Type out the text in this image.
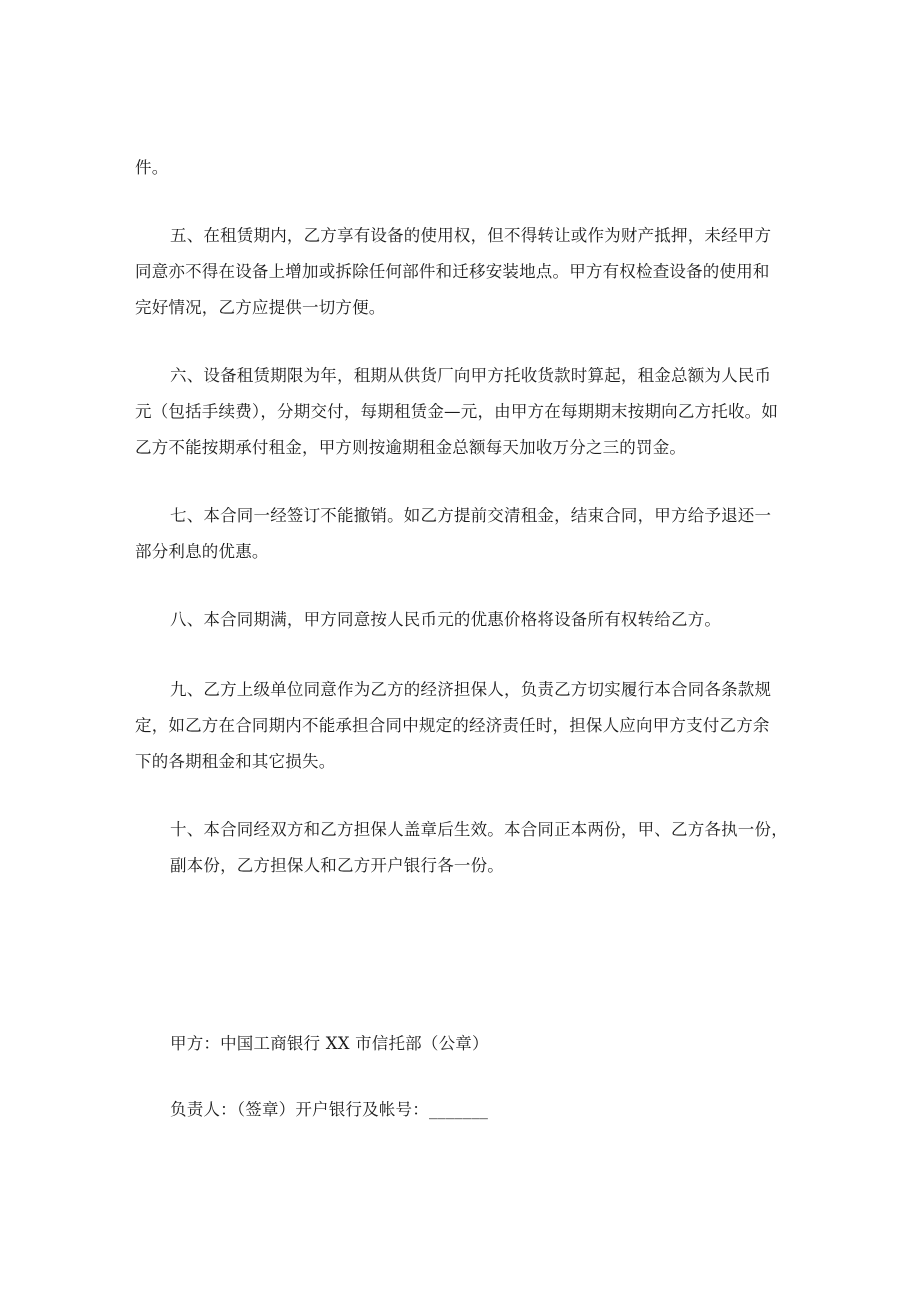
件。
五、在租赁期内，乙方享有设备的使用权，但不得转让或作为财产抵押，未经甲方
同意亦不得在设备上增加或拆除任何部件和迁移安装地点。甲方有权检查设备的使用和
完好情况，乙方应提供一切方便。
六、设备租赁期限为年，租期从供货厂向甲方托收货款时算起，租金总额为人民币
元（包括手续费），分期交付，每期租赁金—元，由甲方在每期期末按期向乙方托收。如
乙方不能按期承付租金，甲方则按逾期租金总额每天加收万分之三的罚金。
七、本合同一经签订不能撤销。如乙方提前交清租金，结束合同，甲方给予退还一
部分利息的优惠。
八、本合同期满，甲方同意按人民币元的优惠价格将设备所有权转给乙方。
九、乙方上级单位同意作为乙方的经济担保人，负责乙方切实履行本合同各条款规
定，如乙方在合同期内不能承担合同中规定的经济责任时，担保人应向甲方支付乙方余
下的各期租金和其它损失。
十、本合同经双方和乙方担保人盖章后生效。本合同正本两份，甲、乙方各执一份，
副本份，乙方担保人和乙方开户银行各一份。
甲方：中国工商银行 XX 市信托部（公章）
负责人：（签章）开户银行及帐号：_______
